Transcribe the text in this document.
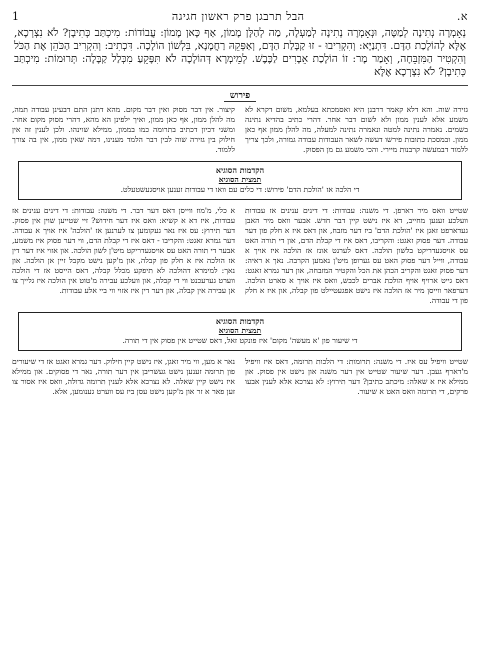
א.
הבל תרבגן פרק ראשון חגיגה
1
נְאָמְרָה נְתִינָה לְמַטָּה, וּנְאָמְרָה נְתִינָה לְמַעְלָה, מַה לְהַלָּן מָמוֹן, אַף כָּאן מָמוֹן: עֲבוֹדוֹת: מִיכְתַּב כְּתִיבָן? לֹא נִצְרְכָא, אֶלָּא לְהוֹלָכַת הַדָּם. דִּתְנַיָּא: וְהִקְרִיבוּ - זוּ קַבָּלַת הַדָּם, וְאַפְּקֵהּ רַחֲמָנָא, בִּלְשׁוֹן הוֹלָכָה. דִּכְתִיב: וְהִקְרִיב הַכֹּהֵן אֶת הַכֹּל וְהִקְטִיר הַמִּזְבֵּחָה, וְאָמַר מָר: זוֹ הוֹלָכַת אֵבָרִים לַכֶּבֶשׁ. לְמֵימְרָא דְּהוֹלָכָה לֹא תִּפָּקֵעַ מִכְּלַל קַבָּלָה: תְּרוּמוֹת: מִיכְתַּב כְּתִיבָן? לֹא נִצְרְכָא אֶלָּא
פירוש
גזירה שוה. והא דלא קאמר דרבנן היא ואסמכתא בעלמא, משום דקרא לא משמע אלא לענין ממון ולא לשום דבר אחר. דהרי כתיב בהדיא נתינה בשמים. נאמרה נתינה למטה ונאמרה נתינה למעלה, מה להלן ממון אף כאן ממון. ובמסכת כתובות פירשו דעשה לשאר העבודות עבודה גמורה, ולכך צריך ללמוד דבמעשה קרבנות מיירי. והכי משמע גם מן הפסוק.
קיצור. אין דבר מסוק ואין דבר מקום. מהא דתנן התם דבעינן עבודה תמה, מה להלן ממון, אף כאן ממון, ואיך ילפינן הא מהא, דהרי מסוק מקום אחר. ומשני דכיון דכתיב בתרומה כמו בממון, ממילא שוינהו. ולכן לענין זה אין חילוק בין גזירה שוה לבין דבר הלמד מענינו, דמה שאין ממון, אין בה צורך ללמוד.
הקדמות הסוגיא
תמצית הסוגיא
די הלכה אז 'הולכת הדם' פירוש: די כלים עם וואו די עבודות זענען אויסגעשטעלט.
שטייט וואס מיר דארפן. די משנה: עבודות: די דינים ענינים אז עבודות וועלכע זענען מחייב, דא איז נישט קיין דבר חדש. אבער וואס מיר האבן געדארפט זאגן איז 'הולכת הדם' ביז דער מזבח, און דאס איז א חלק פון דער עבודה. דער פסוק זאגט: והקריבו, דאס איז די קבלת הדם, און די תורה האט עס אויסגעדריקט בלשון הולכה. דאס לערנט אונז אז הולכה איז אויך א עבודה, ווייל דער פסוק האט עס גערופן מיט'ן נאמען הקרבה. נאך א ראיה: דער פסוק זאגט והקריב הכהן את הכל והקטיר המזבחה, און דער גמרא זאגט: דאס גייט ארויף אויף הולכת אברים לכבש, וואס איז אויך א סארט הולכה. דערפאר ווייסן מיר אז הולכה איז נישט אפגעטיילט פון קבלה, און איז א חלק פון די עבודה.
א כלי, מ'מוז ווייסן דאס דער דבר. די משנה: עבודות: די דינים ענינים אז עבודות, איז דא א קשיא: וואס איז דער חידוש? זיי שטייען שוין אין פסוק. דער תירוץ: עס איז נאר געקומען צו לערנען אז 'הולכה' איז אויך א עבודה. דער גמרא זאגט: והקריבו - דאס איז די קבלת הדם, ווי דער פסוק איז משמע, אבער די תורה האט עס אויסגעדריקט מיט'ן לשון הולכה. און אזוי איז דער דין אז הולכה איז א חלק פון קבלה, און מ'קען נישט מקבל זיין אן הולכה. און נאך: למימרא דהולכה לא תיפקע מכלל קבלה, דאס הייסט אז די הולכה ווערט גערעכנט ווי די קבלה, און וועלכע עבירה מ'טוט אין הולכה איז גלייך צו אן עבירה אין קבלה, און דער דין איז אזוי ווי ביי אלע עבודות.
הקדמות הסוגיא
תמצית הסוגיא
די שיעור פון 'א מעשה' מקום' איז פונקט זאל, דאס שטייט אין פסוק אין די תורה.
שטייט וויפיל עס איז. די משנה: תרומות: די הלכות תרומה, דאס איז וויפיל מ'דארף געבן. דער שיעור שטייט אין דער משנה און נישט אין פסוק. און ממילא איז א שאלה: מיכתב כתיבן? דער תירוץ: לא נצרכא אלא לענין אבעו פרקים, די תרומה וואס האט א שיעור.
נאר א מען, ווי מיר זאגן, איז נישט קיין חילוק. דער גמרא זאגט אז די שיעורים פון תרומה זענען נישט געשריבן אין דער תורה, נאר די פסוקים. און ממילא איז נישט קיין שאלה. לא נצרכא אלא לענין תרומה גדולה, וואס איז אסור צו זען פאר א זר און מ'קען נישט עסן ביז עס ווערט גענומען, אלא.
